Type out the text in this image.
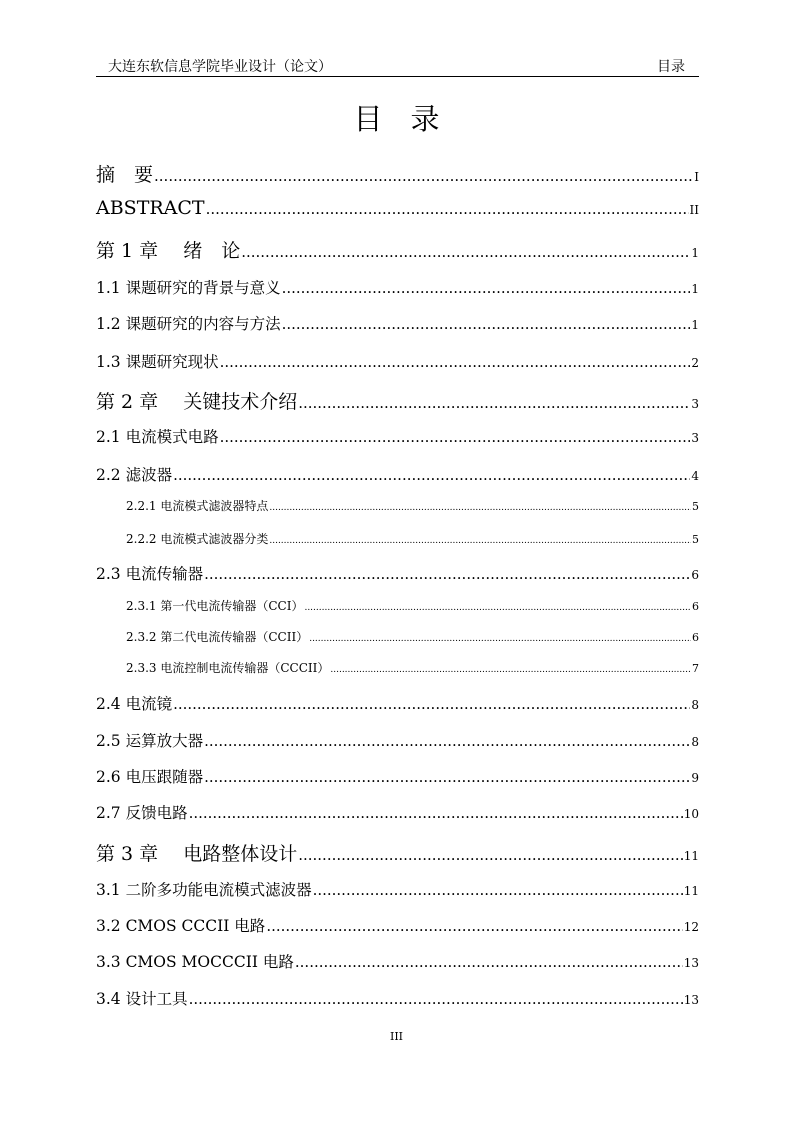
大连东软信息学院毕业设计（论文）	目录
目录
摘　要 .....	I
ABSTRACT .....	II
第 1 章　 绪　论 .....	1
1.1 课题研究的背景与意义 .....	1
1.2 课题研究的内容与方法 .....	1
1.3 课题研究现状 .....	2
第 2 章　 关键技术介绍 .....	3
2.1 电流模式电路 .....	3
2.2 滤波器 .....	4
2.2.1 电流模式滤波器特点 .....	5
2.2.2 电流模式滤波器分类 .....	5
2.3 电流传输器 .....	6
2.3.1 第一代电流传输器（CCI） .....	6
2.3.2 第二代电流传输器（CCII） .....	6
2.3.3 电流控制电流传输器（CCCII） .....	7
2.4 电流镜 .....	8
2.5 运算放大器 .....	8
2.6 电压跟随器 .....	9
2.7 反馈电路 .....	10
第 3 章　 电路整体设计 .....	11
3.1 二阶多功能电流模式滤波器 .....	11
3.2 CMOS CCCII 电路 .....	12
3.3 CMOS MOCCCII 电路 .....	13
3.4 设计工具 .....	13
III
